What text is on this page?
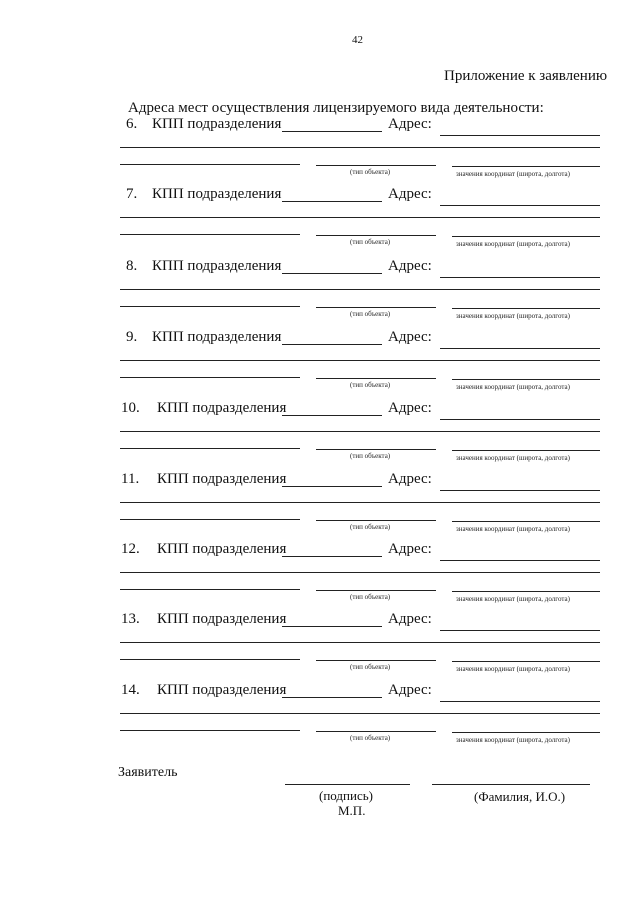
42
Приложение к заявлению
Адреса мест осуществления лицензируемого вида деятельности:
6. КПП подразделения	Адрес:
(тип объекта)	значения координат (широта, долгота)
7. КПП подразделения	Адрес:
(тип объекта)	значения координат (широта, долгота)
8. КПП подразделения	Адрес:
(тип объекта)	значения координат (широта, долгота)
9. КПП подразделения	Адрес:
(тип объекта)	значения координат (широта, долгота)
10. КПП подразделения	Адрес:
(тип объекта)	значения координат (широта, долгота)
11. КПП подразделения	Адрес:
(тип объекта)	значения координат (широта, долгота)
12. КПП подразделения	Адрес:
(тип объекта)	значения координат (широта, долгота)
13. КПП подразделения	Адрес:
(тип объекта)	значения координат (широта, долгота)
14. КПП подразделения	Адрес:
(тип объекта)	значения координат (широта, долгота)
Заявитель
(подпись)
М.П.
(Фамилия, И.О.)
